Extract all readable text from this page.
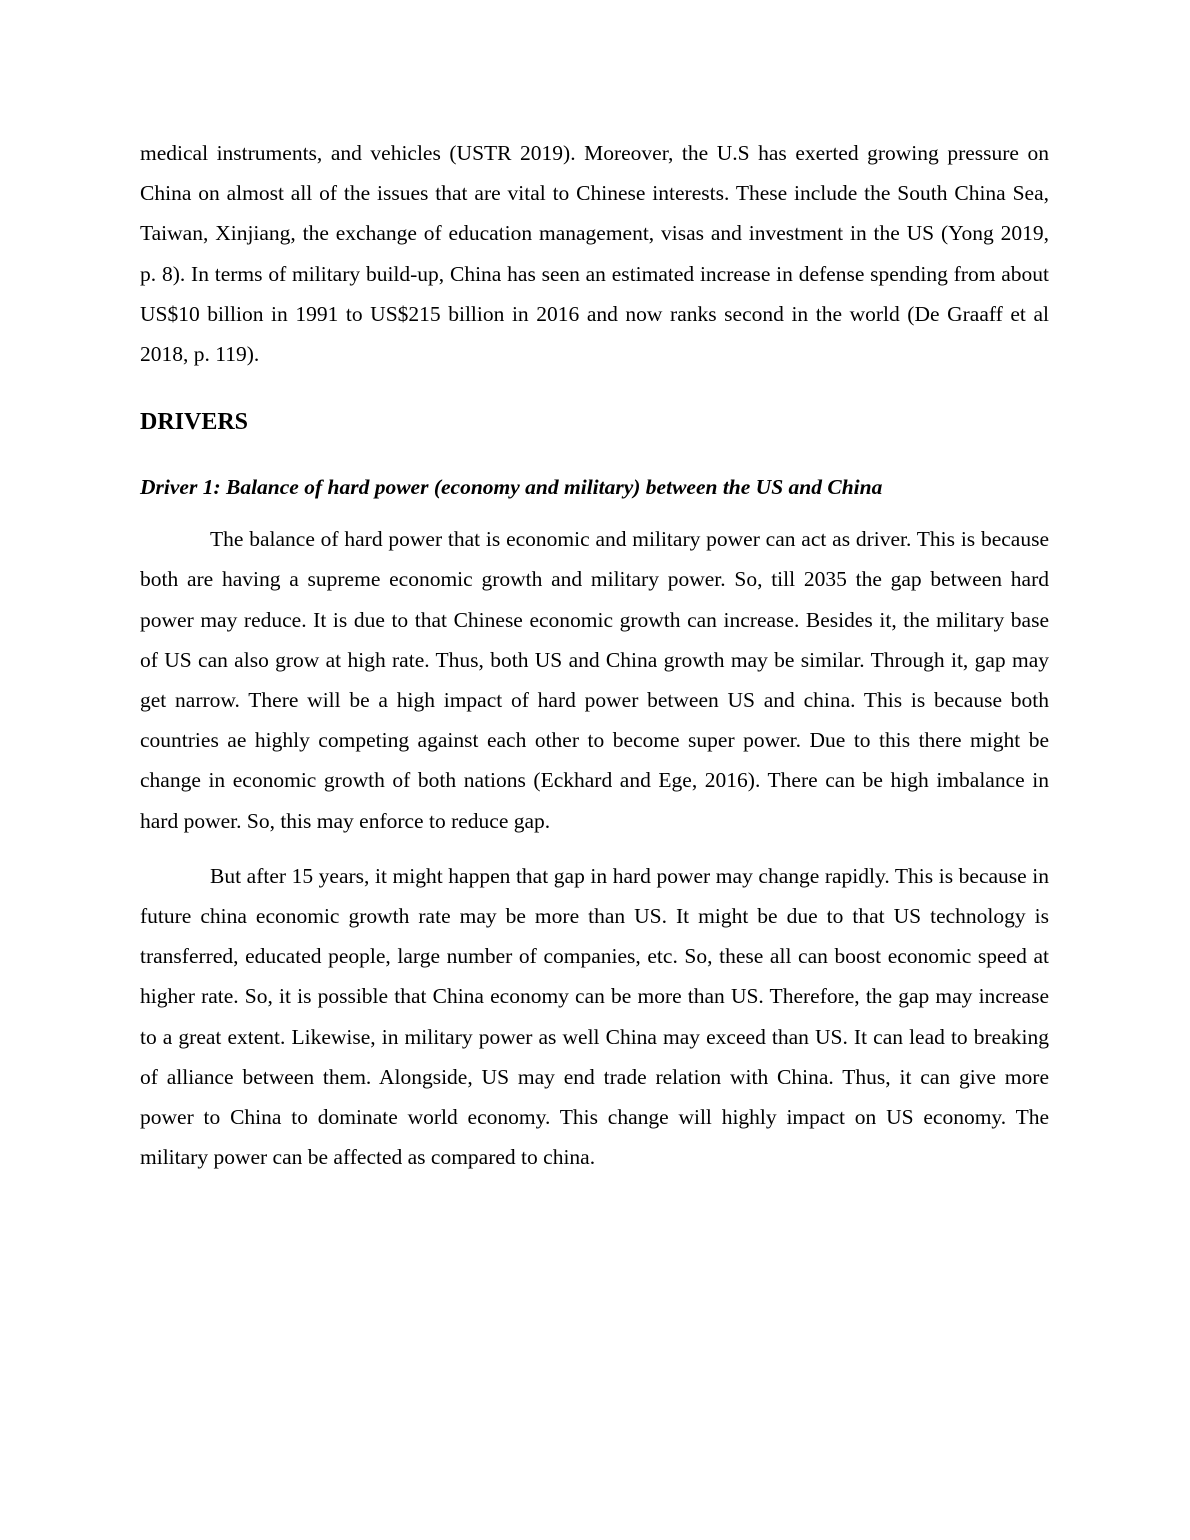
medical instruments, and vehicles (USTR 2019). Moreover, the U.S has exerted growing pressure on China on almost all of the issues that are vital to Chinese interests. These include the South China Sea, Taiwan, Xinjiang, the exchange of education management, visas and investment in the US (Yong 2019, p. 8). In terms of military build-up, China has seen an estimated increase in defense spending from about US$10 billion in 1991 to US$215 billion in 2016 and now ranks second in the world (De Graaff et al 2018, p. 119).

DRIVERS
Driver 1: Balance of hard power (economy and military) between the US and China

The balance of hard power that is economic and military power can act as driver. This is because both are having a supreme economic growth and military power. So, till 2035 the gap between hard power may reduce. It is due to that Chinese economic growth can increase. Besides it, the military base of US can also grow at high rate. Thus, both US and China growth may be similar. Through it, gap may get narrow. There will be a high impact of hard power between US and china. This is because both countries ae highly competing against each other to become super power. Due to this there might be change in economic growth of both nations (Eckhard and Ege, 2016). There can be high imbalance in hard power. So, this may enforce to reduce gap.

But after 15 years, it might happen that gap in hard power may change rapidly. This is because in future china economic growth rate may be more than US. It might be due to that US technology is transferred, educated people, large number of companies, etc. So, these all can boost economic speed at higher rate. So, it is possible that China economy can be more than US. Therefore, the gap may increase to a great extent. Likewise, in military power as well China may exceed than US. It can lead to breaking of alliance between them. Alongside, US may end trade relation with China. Thus, it can give more power to China to dominate world economy. This change will highly impact on US economy. The military power can be affected as compared to china.
